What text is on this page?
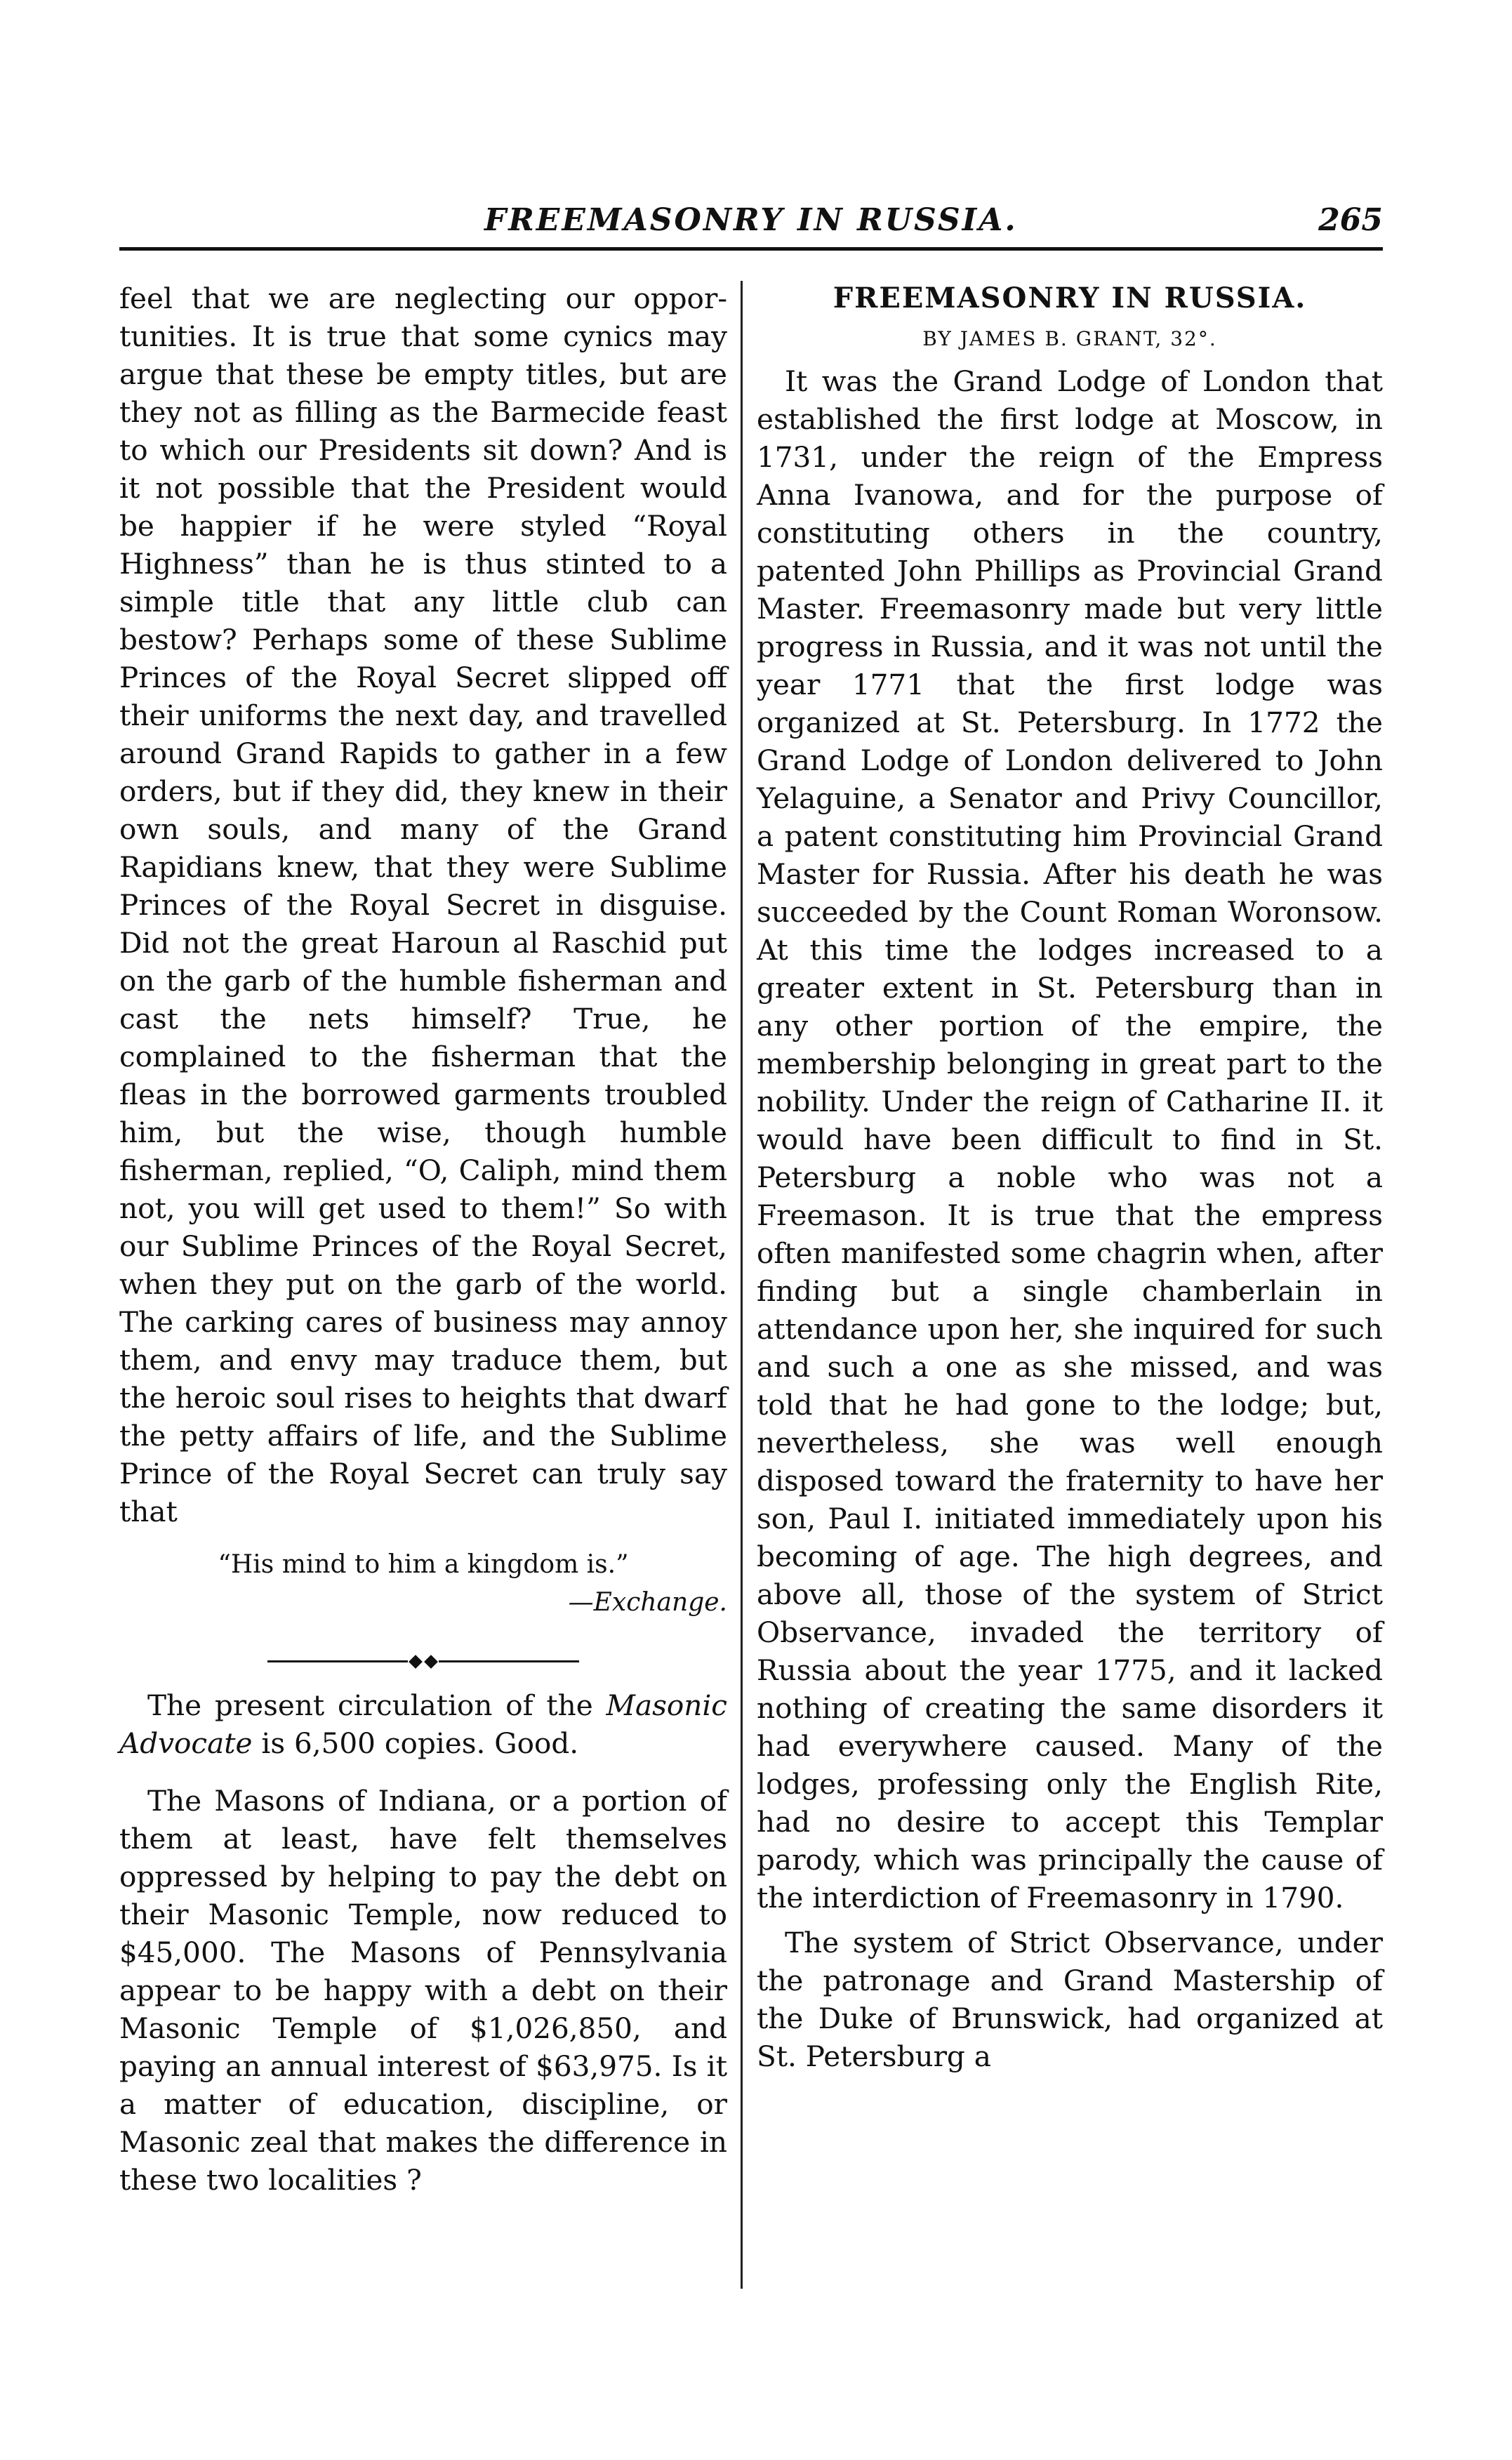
FREEMASONRY IN RUSSIA.	265

feel that we are neglecting our opportunities. It is true that some cynics may argue that these be empty titles, but are they not as filling as the Barmecide feast to which our Presidents sit down? And is it not possible that the President would be happier if he were styled “Royal Highness” than he is thus stinted to a simple title that any little club can bestow? Perhaps some of these Sublime Princes of the Royal Secret slipped off their uniforms the next day, and travelled around Grand Rapids to gather in a few orders, but if they did, they knew in their own souls, and many of the Grand Rapidians knew, that they were Sublime Princes of the Royal Secret in disguise. Did not the great Haroun al Raschid put on the garb of the humble fisherman and cast the nets himself? True, he complained to the fisherman that the fleas in the borrowed garments troubled him, but the wise, though humble fisherman, replied, “O, Caliph, mind them not, you will get used to them!” So with our Sublime Princes of the Royal Secret, when they put on the garb of the world. The carking cares of business may annoy them, and envy may traduce them, but the heroic soul rises to heights that dwarf the petty affairs of life, and the Sublime Prince of the Royal Secret can truly say that

“His mind to him a kingdom is.”

—Exchange.

The present circulation of the Masonic Advocate is 6,500 copies. Good.

The Masons of Indiana, or a portion of them at least, have felt themselves oppressed by helping to pay the debt on their Masonic Temple, now reduced to $45,000. The Masons of Pennsylvania appear to be happy with a debt on their Masonic Temple of $1,026,850, and paying an annual interest of $63,975. Is it a matter of education, discipline, or Masonic zeal that makes the difference in these two localities ?

FREEMASONRY IN RUSSIA.

BY JAMES B. GRANT, 32°.

It was the Grand Lodge of London that established the first lodge at Moscow, in 1731, under the reign of the Empress Anna Ivanowa, and for the purpose of constituting others in the country, patented John Phillips as Provincial Grand Master. Freemasonry made but very little progress in Russia, and it was not until the year 1771 that the first lodge was organized at St. Petersburg. In 1772 the Grand Lodge of London delivered to John Yelaguine, a Senator and Privy Councillor, a patent constituting him Provincial Grand Master for Russia. After his death he was succeeded by the Count Roman Woronsow. At this time the lodges increased to a greater extent in St. Petersburg than in any other portion of the empire, the membership belonging in great part to the nobility. Under the reign of Catharine II. it would have been difficult to find in St. Petersburg a noble who was not a Freemason. It is true that the empress often manifested some chagrin when, after finding but a single chamberlain in attendance upon her, she inquired for such and such a one as she missed, and was told that he had gone to the lodge; but, nevertheless, she was well enough disposed toward the fraternity to have her son, Paul I. initiated immediately upon his becoming of age. The high degrees, and above all, those of the system of Strict Observance, invaded the territory of Russia about the year 1775, and it lacked nothing of creating the same disorders it had everywhere caused. Many of the lodges, professing only the English Rite, had no desire to accept this Templar parody, which was principally the cause of the interdiction of Freemasonry in 1790.

The system of Strict Observance, under the patronage and Grand Mastership of the Duke of Brunswick, had organized at St. Petersburg a
